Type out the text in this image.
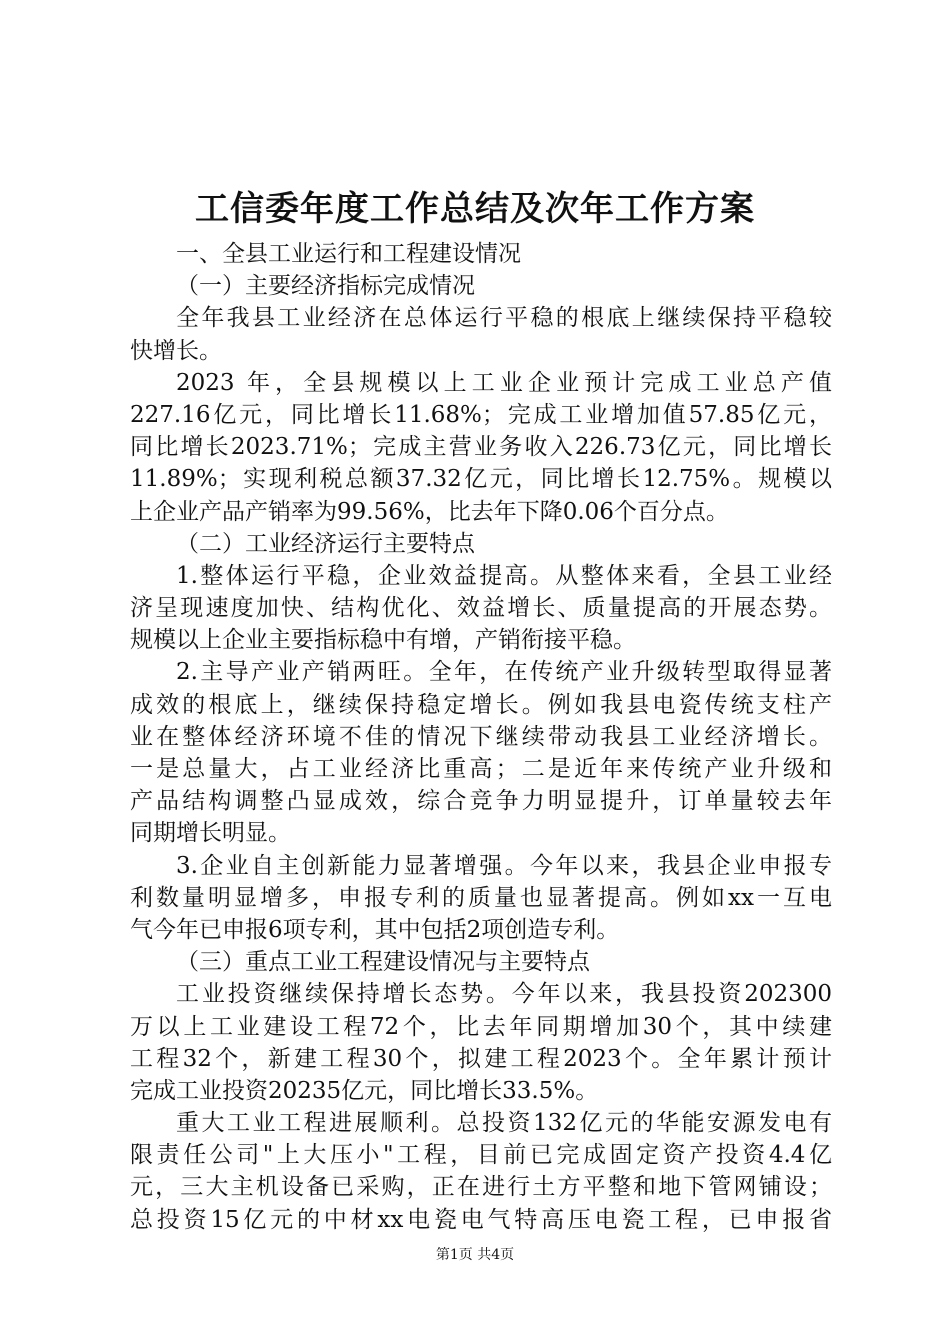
工信委年度工作总结及次年工作方案
一、全县工业运行和工程建设情况
（一）主要经济指标完成情况
全年我县工业经济在总体运行平稳的根底上继续保持平稳较
快增长。
2023 年，全县规模以上工业企业预计完成工业总产值
227.16亿元，同比增长11.68%；完成工业增加值57.85亿元，
同比增长2023.71%；完成主营业务收入226.73亿元，同比增长
11.89%；实现利税总额37.32亿元，同比增长12.75%。规模以
上企业产品产销率为99.56%，比去年下降0.06个百分点。
（二）工业经济运行主要特点
1.整体运行平稳，企业效益提高。从整体来看，全县工业经
济呈现速度加快、结构优化、效益增长、质量提高的开展态势。
规模以上企业主要指标稳中有增，产销衔接平稳。
2.主导产业产销两旺。全年，在传统产业升级转型取得显著
成效的根底上，继续保持稳定增长。例如我县电瓷传统支柱产
业在整体经济环境不佳的情况下继续带动我县工业经济增长。
一是总量大，占工业经济比重高；二是近年来传统产业升级和
产品结构调整凸显成效，综合竞争力明显提升，订单量较去年
同期增长明显。
3.企业自主创新能力显著增强。今年以来，我县企业申报专
利数量明显增多，申报专利的质量也显著提高。例如xx一互电
气今年已申报6项专利，其中包括2项创造专利。
（三）重点工业工程建设情况与主要特点
工业投资继续保持增长态势。今年以来，我县投资202300
万以上工业建设工程72个，比去年同期增加30个，其中续建
工程32个，新建工程30个，拟建工程2023个。全年累计预计
完成工业投资20235亿元，同比增长33.5%。
重大工业工程进展顺利。总投资132亿元的华能安源发电有
限责任公司"上大压小"工程，目前已完成固定资产投资4.4亿
元，三大主机设备已采购，正在进行土方平整和地下管网铺设；
总投资15亿元的中材xx电瓷电气特高压电瓷工程，已申报省
第1页 共4页
